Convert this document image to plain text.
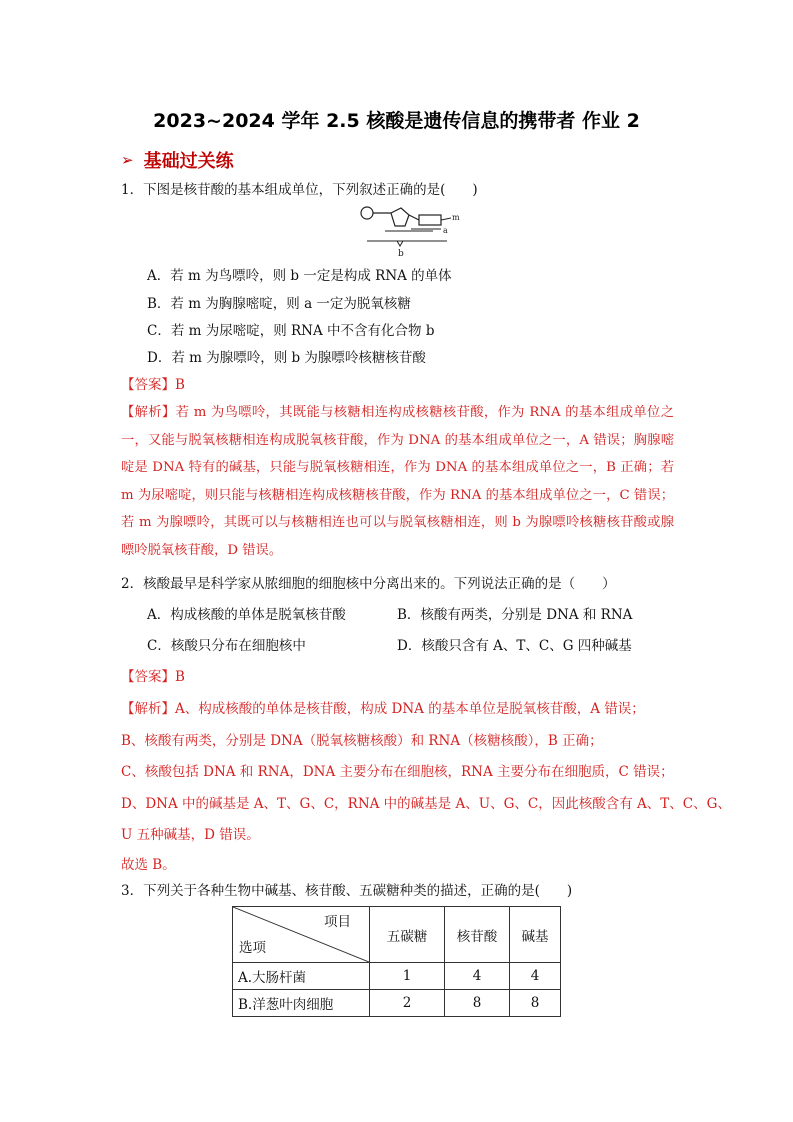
2023~2024 学年 2.5 核酸是遗传信息的携带者 作业 2
➢ 基础过关练
1．下图是核苷酸的基本组成单位，下列叙述正确的是(　　)
m
a
b
A．若 m 为鸟嘌呤，则 b 一定是构成 RNA 的单体
B．若 m 为胸腺嘧啶，则 a 一定为脱氧核糖
C．若 m 为尿嘧啶，则 RNA 中不含有化合物 b
D．若 m 为腺嘌呤，则 b 为腺嘌呤核糖核苷酸
【答案】B
【解析】若 m 为鸟嘌呤，其既能与核糖相连构成核糖核苷酸，作为 RNA 的基本组成单位之一，又能与脱氧核糖相连构成脱氧核苷酸，作为 DNA 的基本组成单位之一，A 错误；胸腺嘧啶是 DNA 特有的碱基，只能与脱氧核糖相连，作为 DNA 的基本组成单位之一，B 正确；若 m 为尿嘧啶，则只能与核糖相连构成核糖核苷酸，作为 RNA 的基本组成单位之一，C 错误；若 m 为腺嘌呤，其既可以与核糖相连也可以与脱氧核糖相连，则 b 为腺嘌呤核糖核苷酸或腺嘌呤脱氧核苷酸，D 错误。
2．核酸最早是科学家从脓细胞的细胞核中分离出来的。下列说法正确的是（　　）
A．构成核酸的单体是脱氧核苷酸	B．核酸有两类，分别是 DNA 和 RNA
C．核酸只分布在细胞核中	D．核酸只含有 A、T、C、G 四种碱基
【答案】B
【解析】A、构成核酸的单体是核苷酸，构成 DNA 的基本单位是脱氧核苷酸，A 错误；
B、核酸有两类，分别是 DNA（脱氧核糖核酸）和 RNA（核糖核酸），B 正确；
C、核酸包括 DNA 和 RNA，DNA 主要分布在细胞核，RNA 主要分布在细胞质，C 错误；
D、DNA 中的碱基是 A、T、G、C，RNA 中的碱基是 A、U、G、C，因此核酸含有 A、T、C、G、
U 五种碱基，D 错误。
故选 B。
3．下列关于各种生物中碱基、核苷酸、五碳糖种类的描述，正确的是(　　)
项目
选项	五碳糖	核苷酸	碱基
A.大肠杆菌	1	4	4
B.洋葱叶肉细胞	2	8	8
